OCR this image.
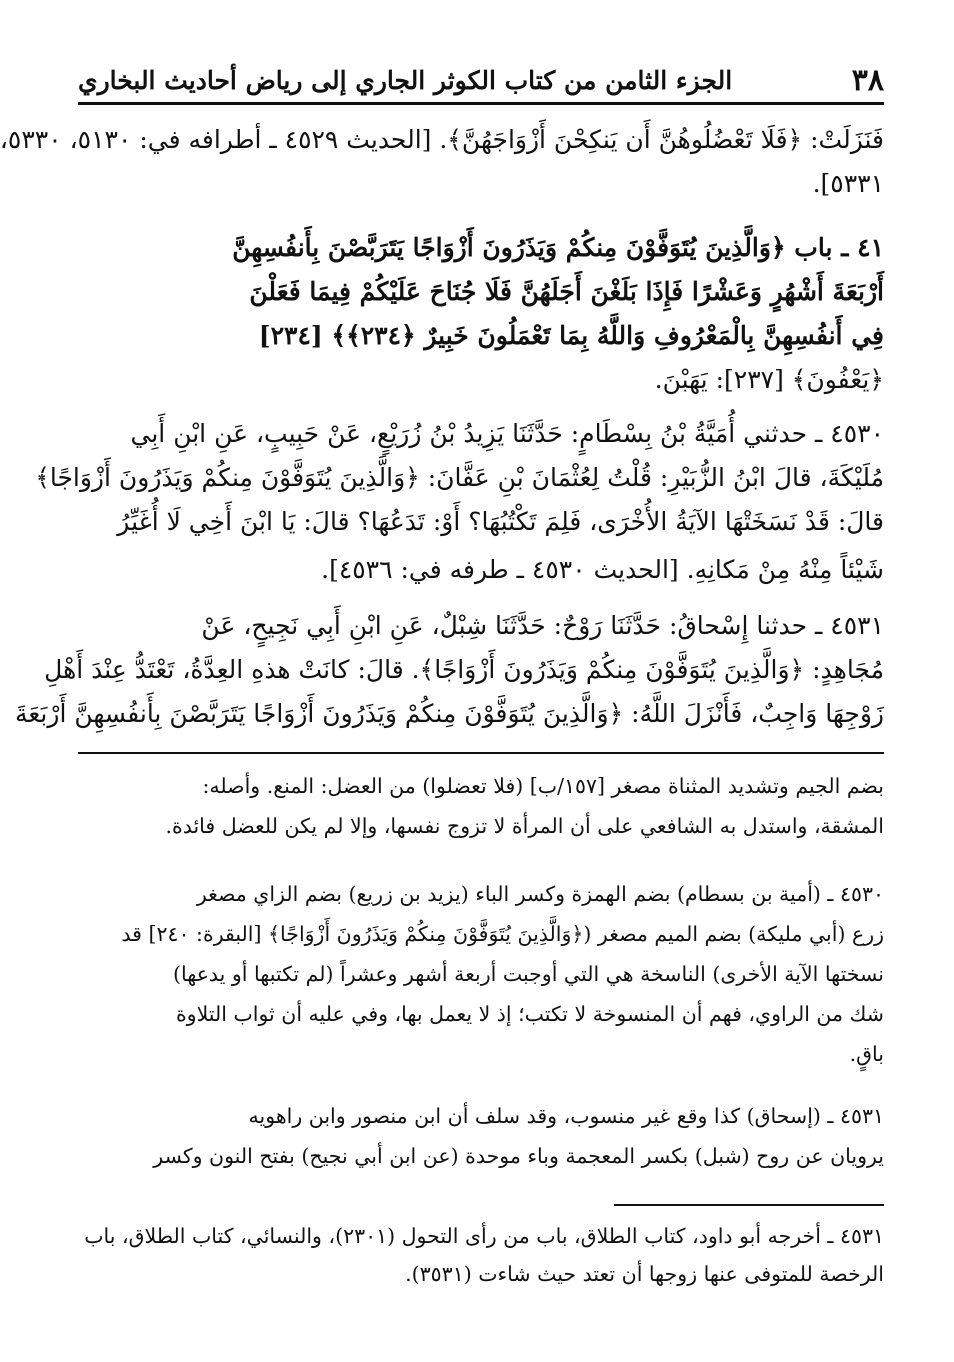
٣٨
الجزء الثامن من كتاب الكوثر الجاري إلى رياض أحاديث البخاري
فَنَزَلَتْ: ﴿فَلَا تَعْضُلُوهُنَّ أَن يَنكِحْنَ أَزْوَاجَهُنَّ﴾. [الحديث ٤٥٢٩ ـ أطرافه في: ٥١٣٠، ٥٣٣٠،
٥٣٣١].
٤١ ـ باب ﴿وَالَّذِينَ يُتَوَفَّوْنَ مِنكُمْ وَيَذَرُونَ أَزْوَاجًا يَتَرَبَّصْنَ بِأَنفُسِهِنَّ
أَرْبَعَةَ أَشْهُرٍ وَعَشْرًا فَإِذَا بَلَغْنَ أَجَلَهُنَّ فَلَا جُنَاحَ عَلَيْكُمْ فِيمَا فَعَلْنَ
فِي أَنفُسِهِنَّ بِالْمَعْرُوفِ وَاللَّهُ بِمَا تَعْمَلُونَ خَبِيرٌ ﴿٢٣٤﴾﴾ [٢٣٤]
﴿يَعْفُونَ﴾ [٢٣٧]: يَهَبْنَ.
٤٥٣٠ ـ حدثني أُمَيَّةُ بْنُ بِسْطَامٍ: حَدَّثَنَا يَزِيدُ بْنُ زُرَيْعٍ، عَنْ حَبِيبٍ، عَنِ ابْنِ أَبِي
مُلَيْكَةَ، قالَ ابْنُ الزُّبَيْرِ: قُلْتُ لِعُثْمَانَ بْنِ عَفَّانَ: ﴿وَالَّذِينَ يُتَوَفَّوْنَ مِنكُمْ وَيَذَرُونَ أَزْوَاجًا﴾
قالَ: قَدْ نَسَخَتْهَا الآيَةُ الأُخْرَى، فَلِمَ تَكْتُبُهَا؟ أَوْ: تَدَعُهَا؟ قالَ: يَا ابْنَ أَخِي لَا أُغَيِّرُ
شَيْئاً مِنْهُ مِنْ مَكانِهِ. [الحديث ٤٥٣٠ ـ طرفه في: ٤٥٣٦].
٤٥٣١ ـ حدثنا إِسْحاقُ: حَدَّثَنَا رَوْحٌ: حَدَّثَنَا شِبْلٌ، عَنِ ابْنِ أَبِي نَجِيحٍ، عَنْ
مُجَاهِدٍ: ﴿وَالَّذِينَ يُتَوَفَّوْنَ مِنكُمْ وَيَذَرُونَ أَزْوَاجًا﴾. قالَ: كانَتْ هذهِ العِدَّةُ، تَعْتَدُّ عِنْدَ أَهْلِ
زَوْجِهَا وَاجِبٌ، فَأَنْزَلَ اللَّهُ: ﴿وَالَّذِينَ يُتَوَفَّوْنَ مِنكُمْ وَيَذَرُونَ أَزْوَاجًا يَتَرَبَّصْنَ بِأَنفُسِهِنَّ أَرْبَعَةَ
بضم الجيم وتشديد المثناة مصغر [١٥٧/ب] (فلا تعضلوا) من العضل: المنع. وأصله:
المشقة، واستدل به الشافعي على أن المرأة لا تزوج نفسها، وإلا لم يكن للعضل فائدة.
٤٥٣٠ ـ (أمية بن بسطام) بضم الهمزة وكسر الباء (يزيد بن زريع) بضم الزاي مصغر
زرع (أبي مليكة) بضم الميم مصغر (﴿وَالَّذِينَ يُتَوَفَّوْنَ مِنكُمْ وَيَذَرُونَ أَزْوَاجًا﴾ [البقرة: ٢٤٠] قد
نسختها الآية الأخرى) الناسخة هي التي أوجبت أربعة أشهر وعشراً (لم تكتبها أو يدعها)
شك من الراوي، فهم أن المنسوخة لا تكتب؛ إذ لا يعمل بها، وفي عليه أن ثواب التلاوة
باقٍ.
٤٥٣١ ـ (إسحاق) كذا وقع غير منسوب، وقد سلف أن ابن منصور وابن راهويه
يرويان عن روح (شبل) بكسر المعجمة وباء موحدة (عن ابن أبي نجيح) بفتح النون وكسر
٤٥٣١ ـ أخرجه أبو داود، كتاب الطلاق، باب من رأى التحول (٢٣٠١)، والنسائي، كتاب الطلاق، باب
الرخصة للمتوفى عنها زوجها أن تعتد حيث شاءت (٣٥٣١).
